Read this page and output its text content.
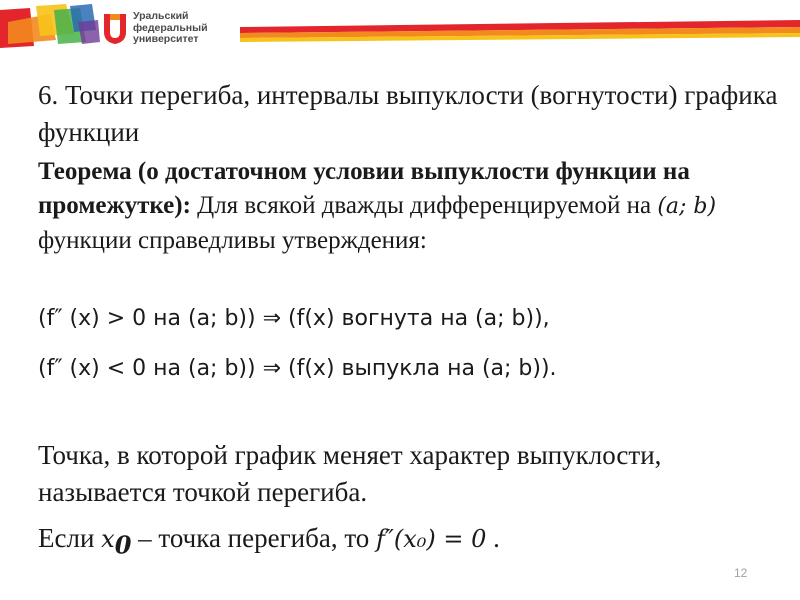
Уральский
федеральный
университет
6. Точки перегиба, интервалы выпуклости (вогнутости) графика функции

Теорема (о достаточном условии выпуклости функции на промежутке): Для всякой дважды дифференцируемой на (a; b) функции справедливы утверждения:

(f″ (x) > 0 на (a; b)) ⇒ (f(x) вогнута на (a; b)),
(f″ (x) < 0 на (a; b)) ⇒ (f(x) выпукла на (a; b)).

Точка, в которой график меняет характер выпуклости, называется точкой перегиба.

Если $x_0$ – точка перегиба, то f″(x₀) = 0 .

12
